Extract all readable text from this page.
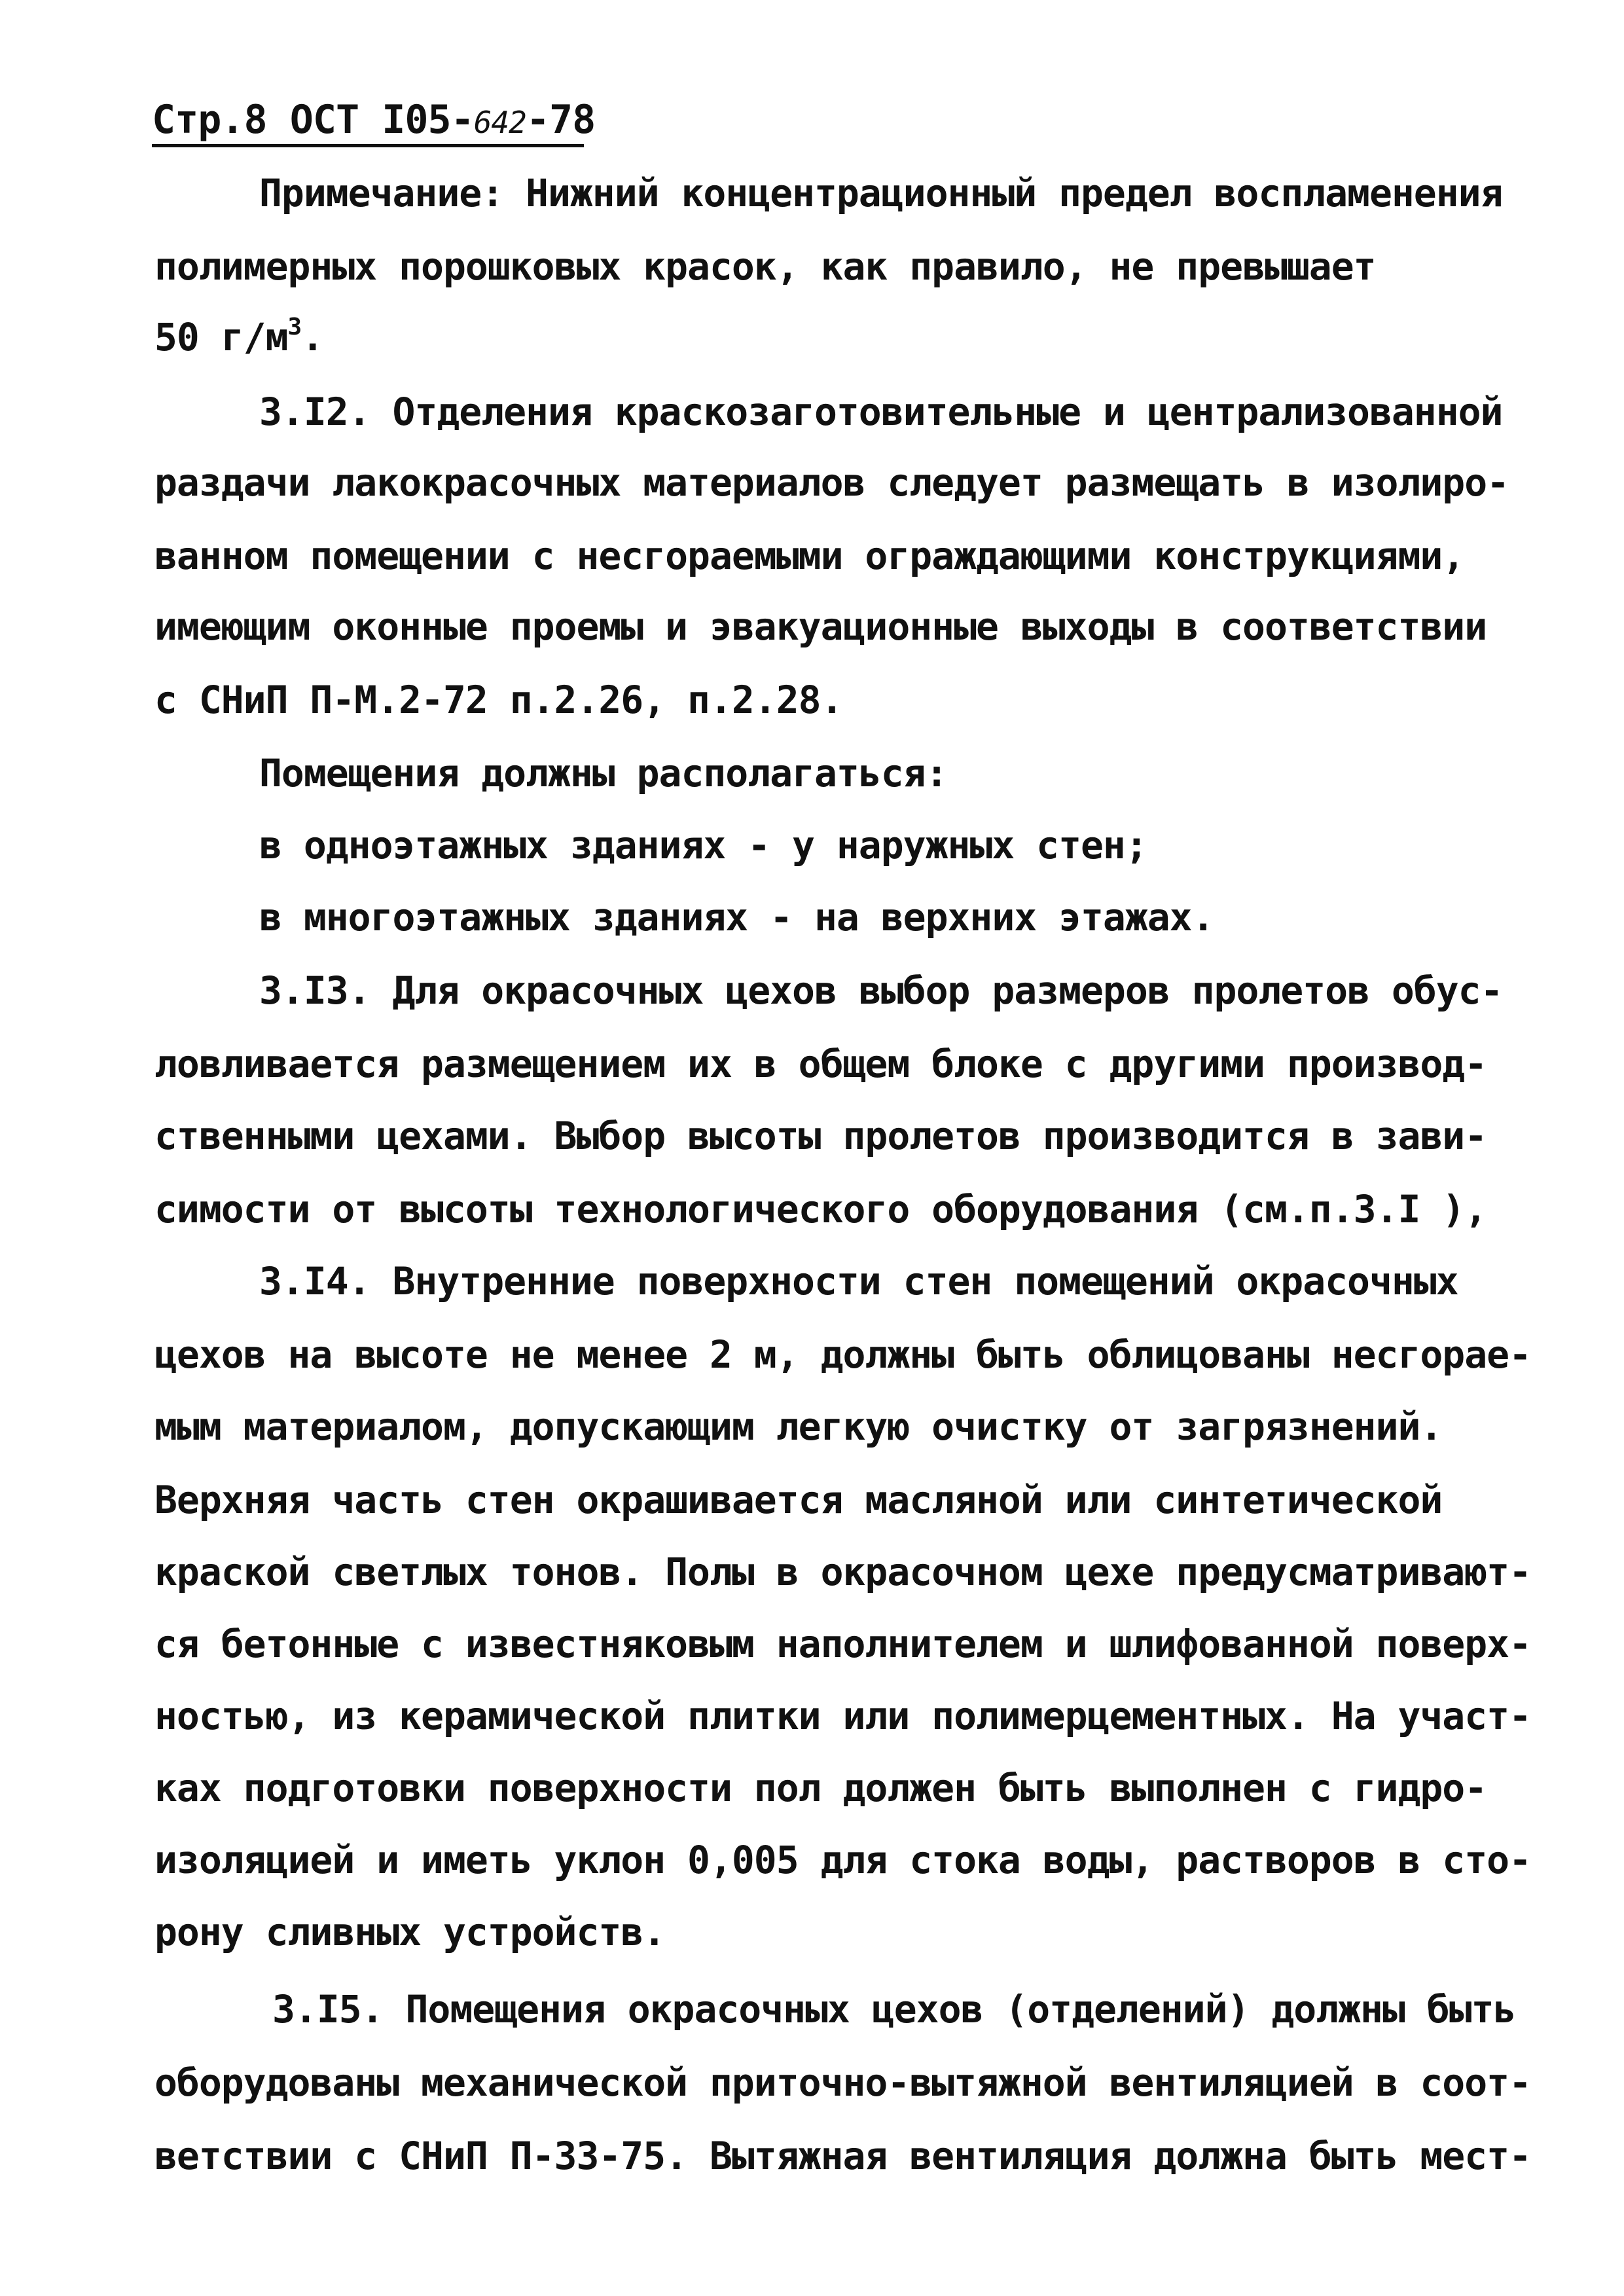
Стр.8 ОСТ I05-642-78
Примечание: Нижний концентрационный предел воспламенения
полимерных порошковых красок, как правило, не превышает
50 $г/м^3$.
3.I2. Отделения краскозаготовительные и централизованной
раздачи лакокрасочных материалов следует размещать в изолиро-
ванном помещении с несгораемыми ограждающими конструкциями,
имеющим оконные проемы и эвакуационные выходы в соответствии
с СНиП П-М.2-72 п.2.26, п.2.28.
Помещения должны располагаться:
в одноэтажных зданиях - у наружных стен;
в многоэтажных зданиях - на верхних этажах.
3.I3. Для окрасочных цехов выбор размеров пролетов обус-
ловливается размещением их в общем блоке с другими производ-
ственными цехами. Выбор высоты пролетов производится в зави-
симости от высоты технологического оборудования (см.п.3.I ),
3.I4. Внутренние поверхности стен помещений окрасочных
цехов на высоте не менее 2 м, должны быть облицованы несгорае-
мым материалом, допускающим легкую очистку от загрязнений.
Верхняя часть стен окрашивается масляной или синтетической
краской светлых тонов. Полы в окрасочном цехе предусматривают-
ся бетонные с известняковым наполнителем и шлифованной поверх-
ностью, из керамической плитки или полимерцементных. На участ-
ках подготовки поверхности пол должен быть выполнен с гидро-
изоляцией и иметь уклон 0,005 для стока воды, растворов в сто-
рону сливных устройств.
3.I5. Помещения окрасочных цехов (отделений) должны быть
оборудованы механической приточно-вытяжной вентиляцией в соот-
ветствии с СНиП П-33-75. Вытяжная вентиляция должна быть мест-
